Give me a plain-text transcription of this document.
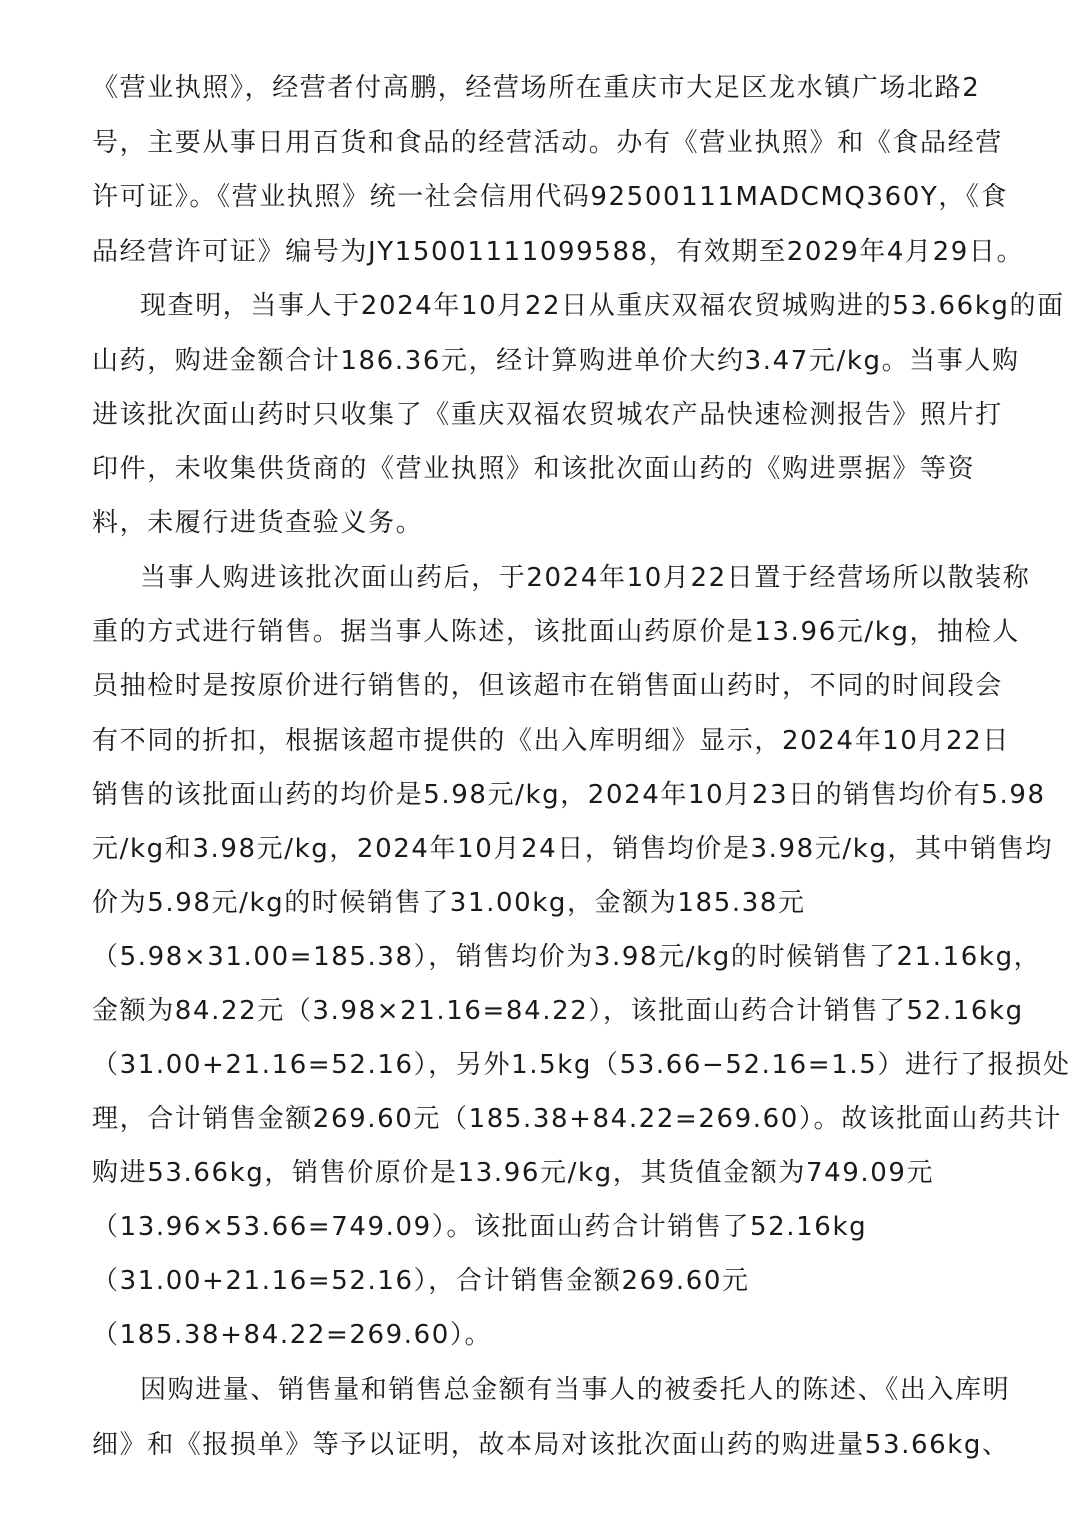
《营业执照》，经营者付高鹏，经营场所在重庆市大足区龙水镇广场北路2
号，主要从事日用百货和食品的经营活动。办有《营业执照》和《食品经营
许可证》。《营业执照》统一社会信用代码92500111MADCMQ360Y，《食
品经营许可证》编号为JY15001111099588，有效期至2029年4月29日。
现查明，当事人于2024年10月22日从重庆双福农贸城购进的53.66kg的面
山药，购进金额合计186.36元，经计算购进单价大约3.47元/kg。当事人购
进该批次面山药时只收集了《重庆双福农贸城农产品快速检测报告》照片打
印件，未收集供货商的《营业执照》和该批次面山药的《购进票据》等资
料，未履行进货查验义务。
当事人购进该批次面山药后，于2024年10月22日置于经营场所以散装称
重的方式进行销售。据当事人陈述，该批面山药原价是13.96元/kg，抽检人
员抽检时是按原价进行销售的，但该超市在销售面山药时，不同的时间段会
有不同的折扣，根据该超市提供的《出入库明细》显示，2024年10月22日
销售的该批面山药的均价是5.98元/kg，2024年10月23日的销售均价有5.98
元/kg和3.98元/kg，2024年10月24日，销售均价是3.98元/kg，其中销售均
价为5.98元/kg的时候销售了31.00kg，金额为185.38元
（5.98×31.00=185.38），销售均价为3.98元/kg的时候销售了21.16kg，
金额为84.22元（3.98×21.16=84.22），该批面山药合计销售了52.16kg
（31.00+21.16=52.16），另外1.5kg（53.66−52.16=1.5）进行了报损处
理，合计销售金额269.60元（185.38+84.22=269.60）。故该批面山药共计
购进53.66kg，销售价原价是13.96元/kg，其货值金额为749.09元
（13.96×53.66=749.09）。该批面山药合计销售了52.16kg
（31.00+21.16=52.16），合计销售金额269.60元
（185.38+84.22=269.60）。
因购进量、销售量和销售总金额有当事人的被委托人的陈述、《出入库明
细》和《报损单》等予以证明，故本局对该批次面山药的购进量53.66kg、
